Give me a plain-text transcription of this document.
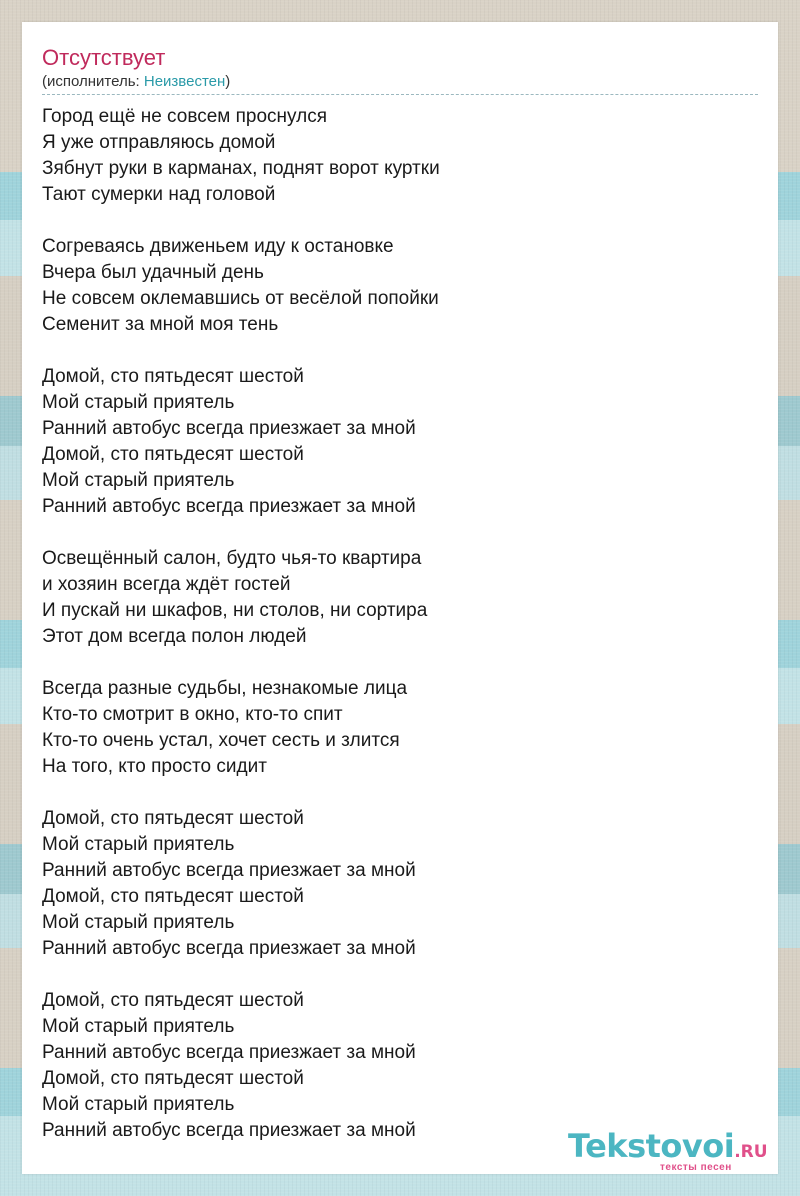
Отсутствует
(исполнитель: Неизвестен)
Город ещё не совсем проснулся
Я уже отправляюсь домой
Зябнут руки в карманах, поднят ворот куртки
Тают сумерки над головой
Согреваясь движеньем иду к остановке
Вчера был удачный день
Не совсем оклемавшись от весёлой попойки
Семенит за мной моя тень
Домой, сто пятьдесят шестой
Мой старый приятель
Ранний автобус всегда приезжает за мной
Домой, сто пятьдесят шестой
Мой старый приятель
Ранний автобус всегда приезжает за мной
Освещённый салон, будто чья-то квартира
и хозяин всегда ждёт гостей
И пускай ни шкафов, ни столов, ни сортира
Этот дом всегда полон людей
Всегда разные судьбы, незнакомые лица
Кто-то смотрит в окно, кто-то спит
Кто-то очень устал, хочет сесть и злится
На того, кто просто сидит
Домой, сто пятьдесят шестой
Мой старый приятель
Ранний автобус всегда приезжает за мной
Домой, сто пятьдесят шестой
Мой старый приятель
Ранний автобус всегда приезжает за мной
Домой, сто пятьдесят шестой
Мой старый приятель
Ранний автобус всегда приезжает за мной
Домой, сто пятьдесят шестой
Мой старый приятель
Ранний автобус всегда приезжает за мной	Tekstovoi.RU
тексты песен
